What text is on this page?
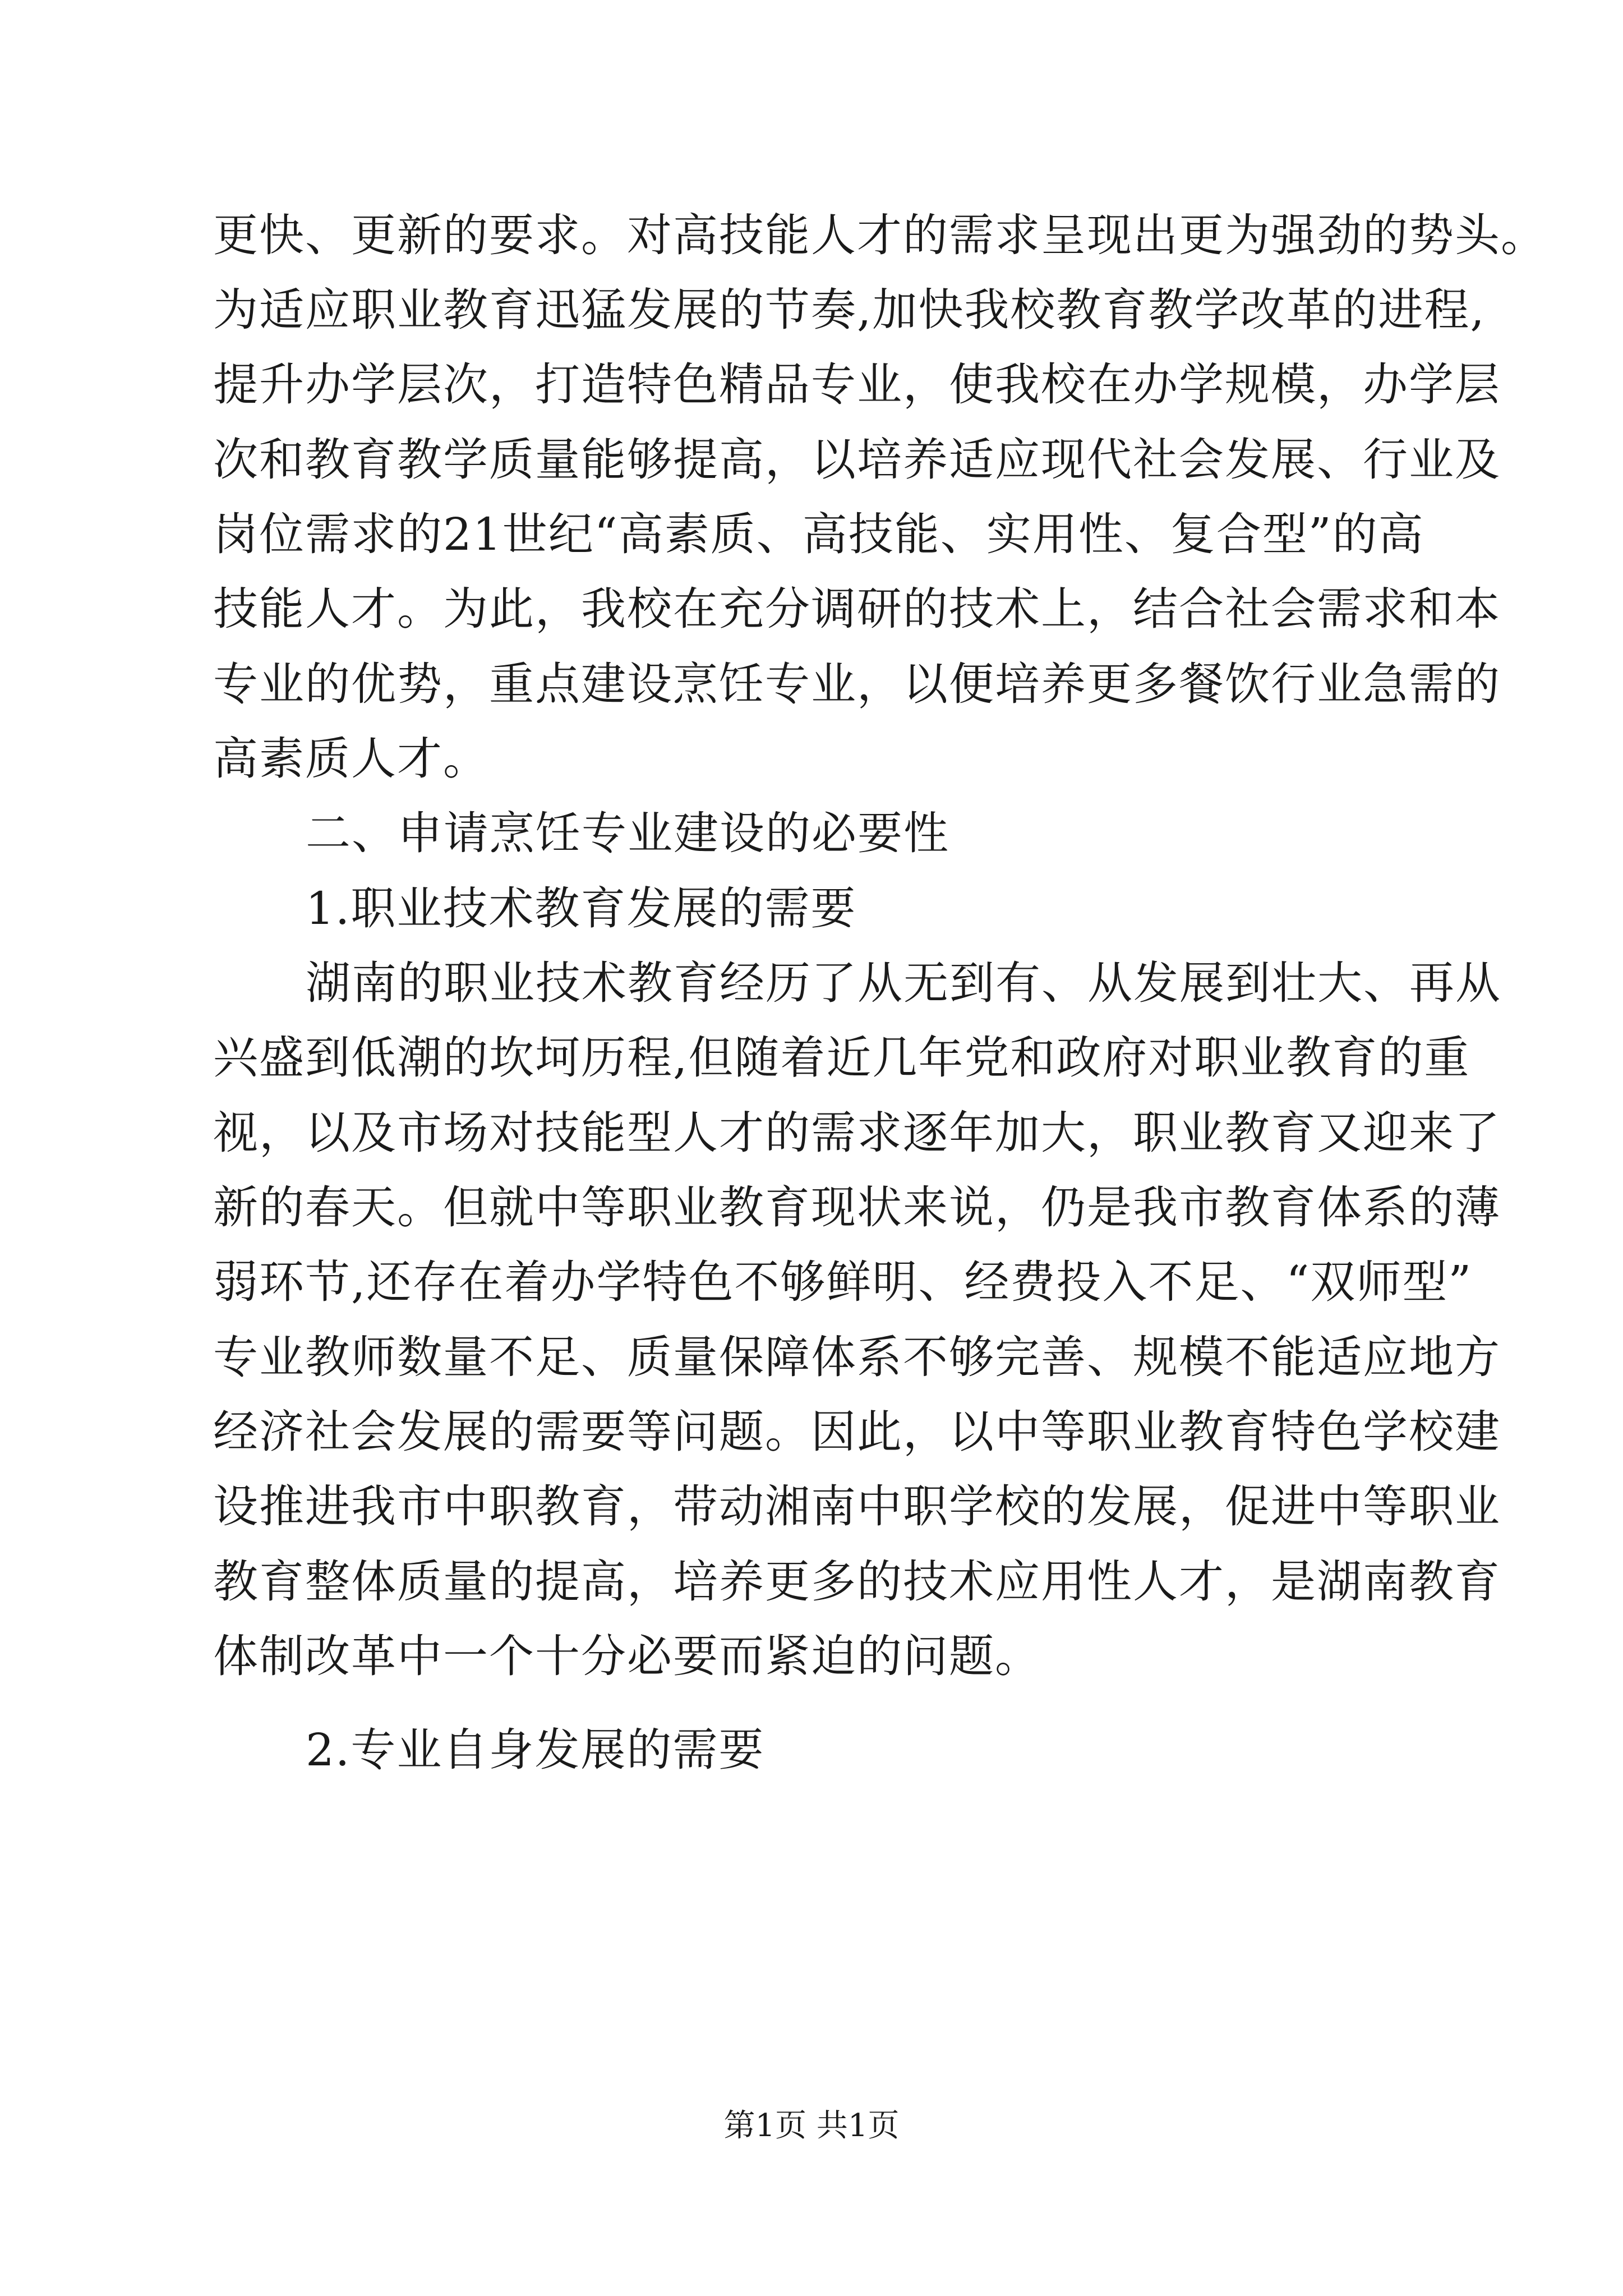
更快、更新的要求。对高技能人才的需求呈现出更为强劲的势头。
为适应职业教育迅猛发展的节奏,加快我校教育教学改革的进程,
提升办学层次，打造特色精品专业，使我校在办学规模，办学层
次和教育教学质量能够提高，以培养适应现代社会发展、行业及
岗位需求的21世纪“高素质、高技能、实用性、复合型”的高
技能人才。为此，我校在充分调研的技术上，结合社会需求和本
专业的优势，重点建设烹饪专业，以便培养更多餐饮行业急需的
高素质人才。
二、申请烹饪专业建设的必要性
1.职业技术教育发展的需要
湖南的职业技术教育经历了从无到有、从发展到壮大、再从
兴盛到低潮的坎坷历程,但随着近几年党和政府对职业教育的重
视，以及市场对技能型人才的需求逐年加大，职业教育又迎来了
新的春天。但就中等职业教育现状来说，仍是我市教育体系的薄
弱环节,还存在着办学特色不够鲜明、经费投入不足、“双师型”
专业教师数量不足、质量保障体系不够完善、规模不能适应地方
经济社会发展的需要等问题。因此，以中等职业教育特色学校建
设推进我市中职教育，带动湘南中职学校的发展，促进中等职业
教育整体质量的提高，培养更多的技术应用性人才，是湖南教育
体制改革中一个十分必要而紧迫的问题。
2.专业自身发展的需要
第1页 共1页
